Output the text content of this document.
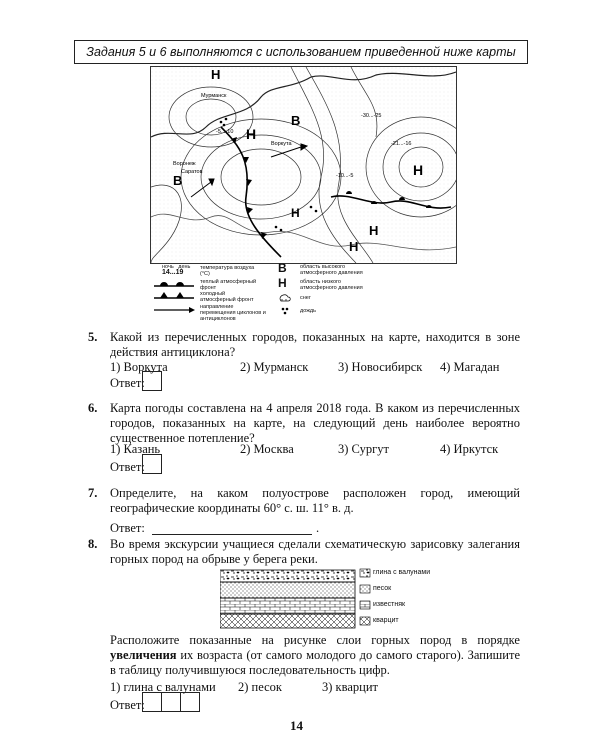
Задания 5 и 6 выполняются с использованием приведенной ниже карты
H
H
H
H
H
H
B
B
Воркута
Воронеж
Саратов
Мурманск
-5...-10
-10...-5
-21...-16
-30...-25
ночь день
14...19
температура воздуха (°C)
теплый атмосферный фронт
холодный атмосферный фронт
направление перемещения циклонов и антициклонов
B область высокого атмосферного давления
H область низкого атмосферного давления
* *
снег
дождь
5. Какой из перечисленных городов, показанных на карте, находится в зоне действия антициклона?
1) Воркута	2) Мурманск 3) Новосибирск 4) Магадан
Ответ:
6. Карта погоды составлена на 4 апреля 2018 года. В каком из перечисленных городов, показанных на карте, на следующий день наиболее вероятно существенное потепление?
1) Казань	2) Москва	3) Сургут	4) Иркутск
Ответ:
7. Определите, на каком полуострове расположен город, имеющий географические координаты 60° с. ш. 11° в. д.
Ответ:	.
8. Во время экскурсии учащиеся сделали схематическую зарисовку залегания горных пород на обрыве у берега реки.
глина с валунами
песок
известняк
кварцит
Расположите показанные на рисунке слои горных пород в порядке увеличения их возраста (от самого молодого до самого старого). Запишите в таблицу получившуюся последовательность цифр.
1) глина с валунами 2) песок	3) кварцит
Ответ:
14
